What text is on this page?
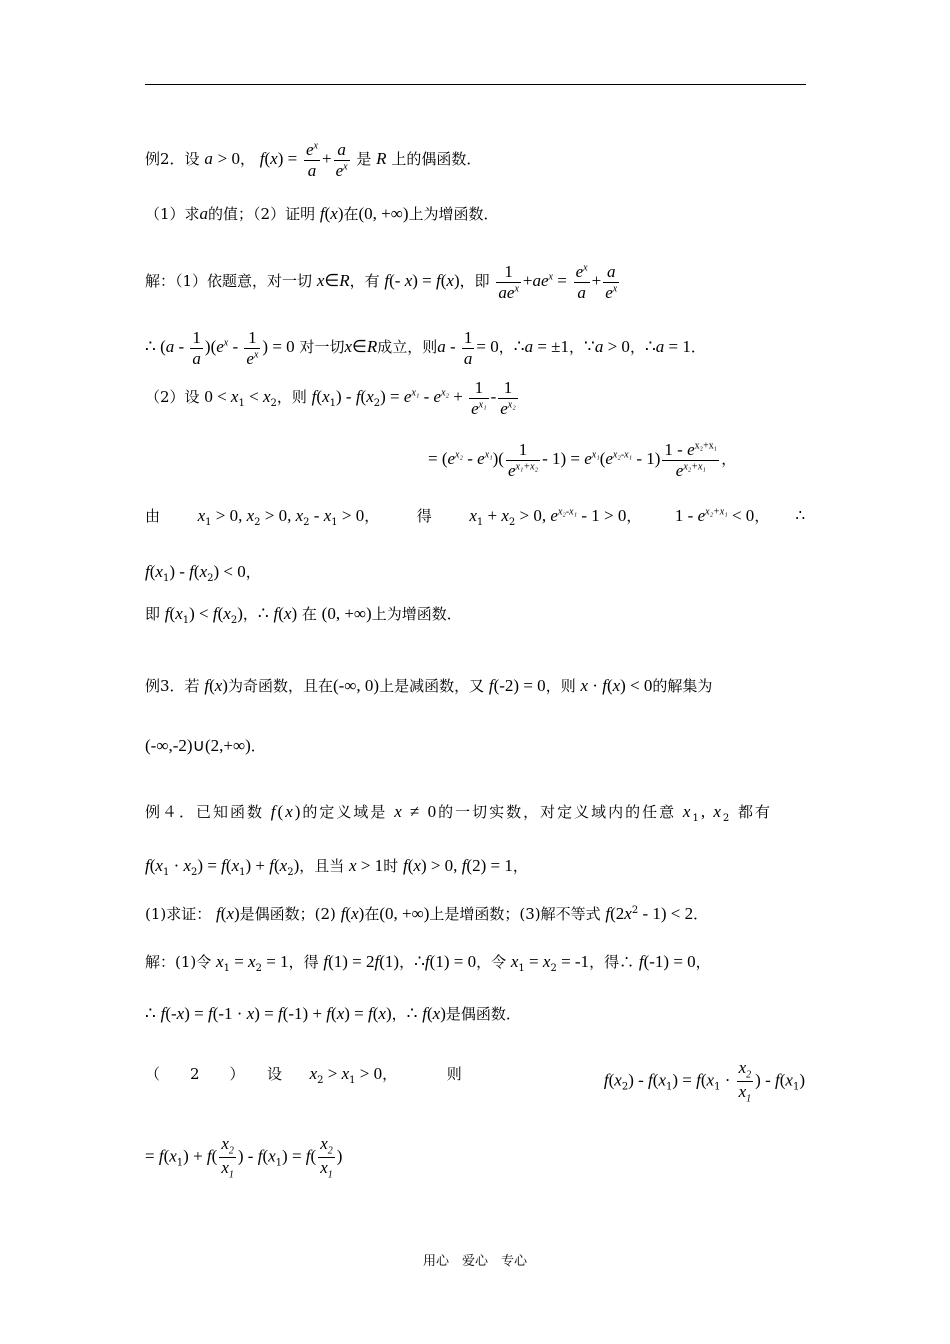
例2．设 a > 0， $f(x) = \frac{e^x}{a} + \frac{a}{e^x}$ 是 R 上的偶函数．
（1）求a的值；（2）证明 f(x)在(0, +∞)上为增函数．
解：（1）依题意，对一切 x∈R，有 f(- x) = f(x)，即 $\frac{1}{ae^x} +ae^x = \frac{e^x}{a} + \frac{a}{e^x}$
∴ $(a - \frac{1}{a} )(e^x - \frac{1}{e^x}$ ) = 0 对一切x∈R成立，则$a - \frac{1}{a} = 0$，∴a = ±1，∵a > 0，∴a = 1．
（2）设 $0 < x_1 < x_2$，则 $f(x_1) - f(x_2) = e^{x_1} - e^{x_2} + \frac{1}{e^{x_1}} - \frac{1}{e^{x_2}}$
= $(e^{x_2} - e^{x_1})( \frac{1}{e^{x_1+x_2}} - 1) = e^{x_1}(e^{x_2-x_1} - 1) \frac{1 - e^{x_2+x_1}}{e^{x_2+x_1}}$ ，
由 $x_1 > 0$, $x_2 > 0$, $x_2 - x_1 > 0$，  得 $x_1 + x_2 > 0$, $e^{x_2-x_1} - 1 > 0$，  $1 - e^{x_2+x_1} < 0$， ∴
$f(x_1) - f(x_2) < 0$，
即 $f(x_1) < f(x_2)$，∴ f(x) 在 (0, +∞)上为增函数．
例3．若 f(x)为奇函数，且在(-∞, 0)上是减函数，又 f(-2) = 0，则 x · f(x) < 0的解集为
(-∞,-2)∪(2,+∞)．
例４．已知函数 f(x)的定义域是 x ≠ 0的一切实数，对定义域内的任意 $x_1$, $x_2$ 都有
$f(x_1 \cdot x_2) = f(x_1) + f(x_2)$，且当 x > 1时 f(x) > 0, f(2) = 1，
(1)求证： f(x)是偶函数；(2) f(x)在(0, +∞)上是增函数；(3)解不等式 $f(2x^2 - 1) < 2$．
解：(1)令 $x_1 = x_2 = 1$，得 f(1) = 2f(1)，∴f(1) = 0，令 $x_1 = x_2 = -1$，得∴ f(-1) = 0，
∴ f(-x) = f(-1 · x) = f(-1) + f(x) = f(x)，∴ f(x)是偶函数．
（　　2　　）　　设 $x_2 > x_1 > 0$，	则	$f(x_2) - f(x_1) = f(x_1 \cdot \frac{x_2}{x_1}$ ) - $f(x_1)$
= $f(x_1) + f( \frac{x_2}{x_1}$ ) - $f(x_1) = f( \frac{x_2}{x_1}$ )
用心　爱心　专心
